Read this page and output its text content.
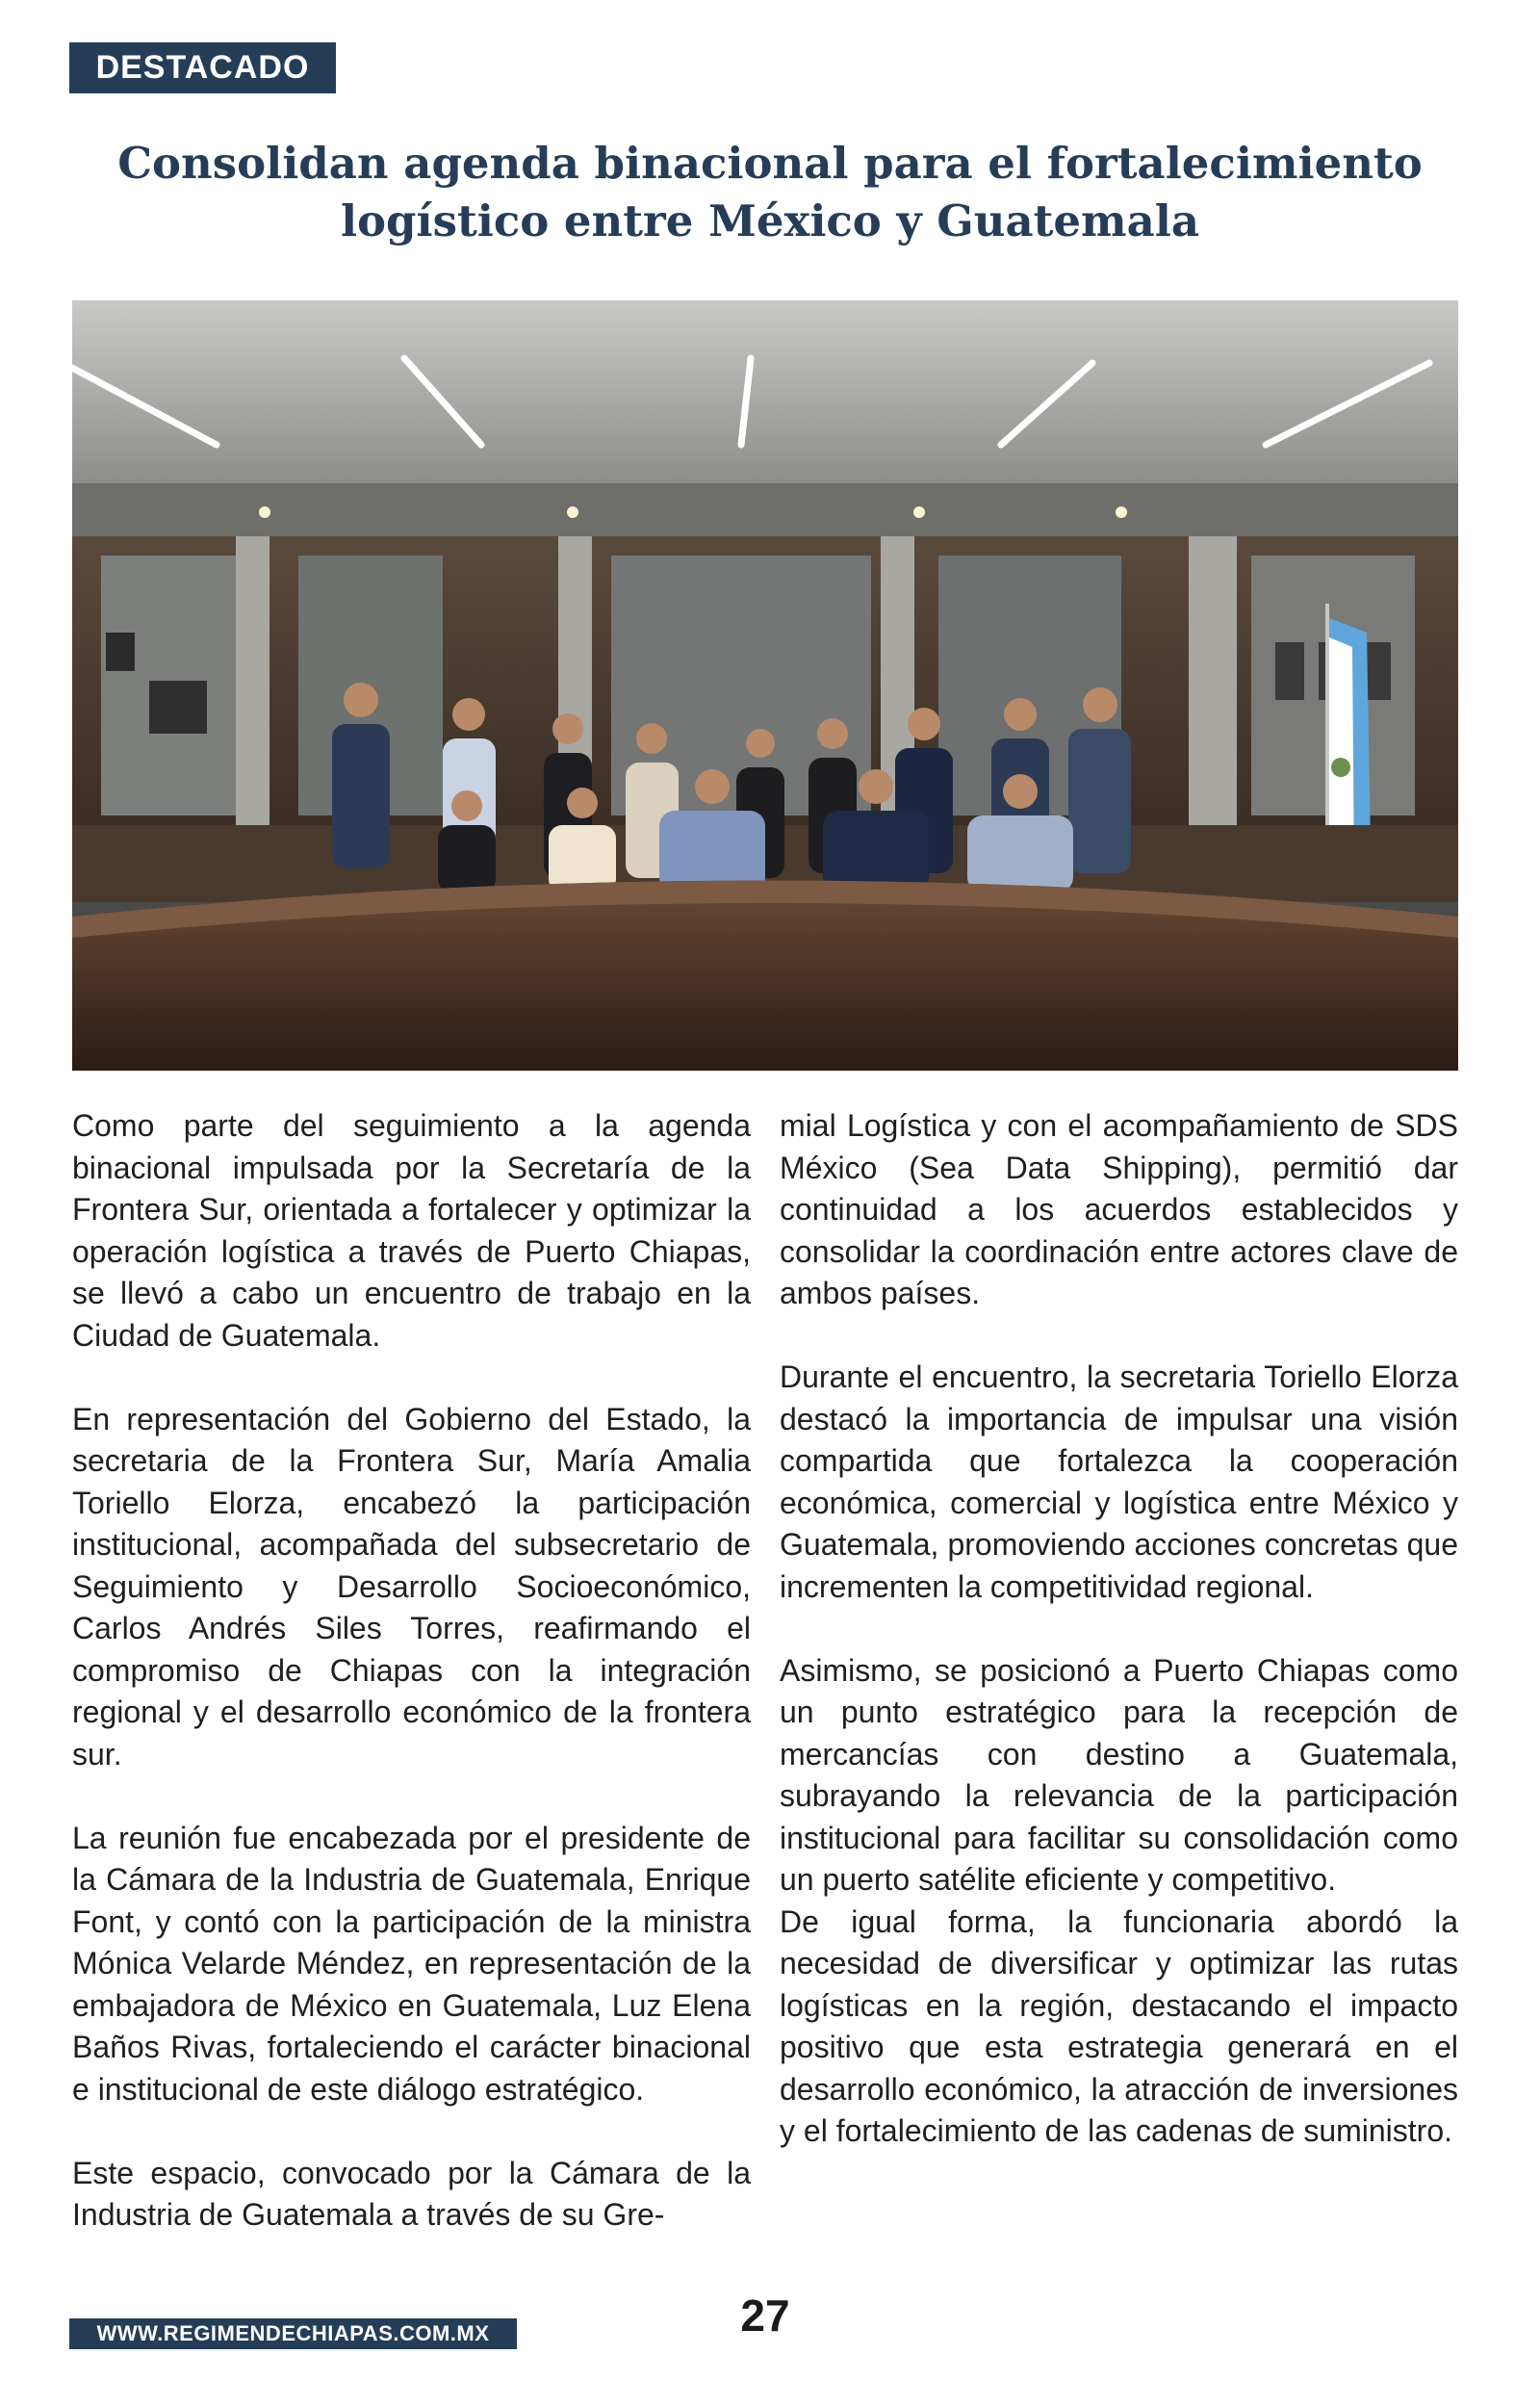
DESTACADO
Consolidan agenda binacional para el fortalecimiento logístico entre México y Guatemala

Como parte del seguimiento a la agenda binacional impulsada por la Secretaría de la Frontera Sur, orientada a fortalecer y optimizar la operación logística a través de Puerto Chiapas, se llevó a cabo un encuentro de trabajo en la Ciudad de Guatemala.

En representación del Gobierno del Estado, la secretaria de la Frontera Sur, María Amalia Toriello Elorza, encabezó la participación institucional, acompañada del subsecretario de Seguimiento y Desarrollo Socioeconómico, Carlos Andrés Siles Torres, reafirmando el compromiso de Chiapas con la integración regional y el desarrollo económico de la frontera sur.

La reunión fue encabezada por el presidente de la Cámara de la Industria de Guatemala, Enrique Font, y contó con la participación de la ministra Mónica Velarde Méndez, en representación de la embajadora de México en Guatemala, Luz Elena Baños Rivas, fortaleciendo el carácter binacional e institucional de este diálogo estratégico.

Este espacio, convocado por la Cámara de la Industria de Guatemala a través de su Gre-

mial Logística y con el acompañamiento de SDS México (Sea Data Shipping), permitió dar continuidad a los acuerdos establecidos y consolidar la coordinación entre actores clave de ambos países.

Durante el encuentro, la secretaria Toriello Elorza destacó la importancia de impulsar una visión compartida que fortalezca la cooperación económica, comercial y logística entre México y Guatemala, promoviendo acciones concretas que incrementen la competitividad regional.

Asimismo, se posicionó a Puerto Chiapas como un punto estratégico para la recepción de mercancías con destino a Guatemala, subrayando la relevancia de la participación institucional para facilitar su consolidación como un puerto satélite eficiente y competitivo.

De igual forma, la funcionaria abordó la necesidad de diversificar y optimizar las rutas logísticas en la región, destacando el impacto positivo que esta estrategia generará en el desarrollo económico, la atracción de inversiones y el fortalecimiento de las cadenas de suministro.

WWW.REGIMENDECHIAPAS.COM.MX	27
